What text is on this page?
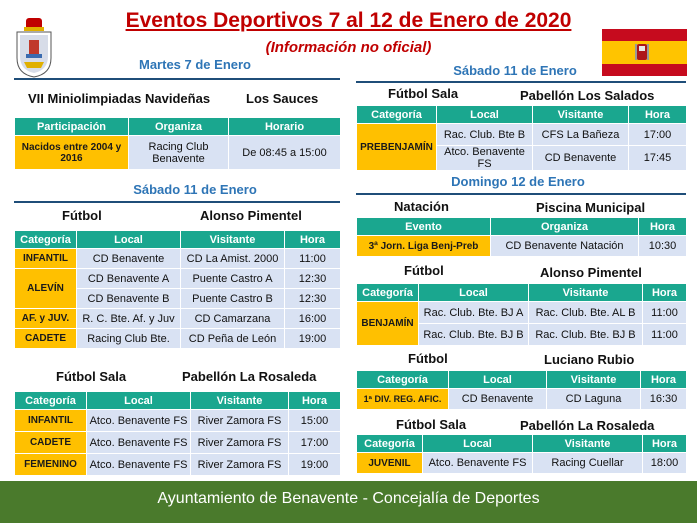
Eventos Deportivos 7 al 12 de Enero de 2020
(Información no oficial)
Martes 7 de Enero
VII Miniolimpiadas Navideñas	Los Sauces
Participación	Organiza	Horario
Nacidos entre 2004 y 2016	Racing Club Benavente	De 08:45 a 15:00
Sábado 11 de Enero
Fútbol	Alonso Pimentel
Categoría	Local	Visitante	Hora
INFANTIL	CD Benavente	CD La Amist. 2000	11:00
ALEVÍN	CD Benavente A	Puente Castro A	12:30
	CD Benavente B	Puente Castro B	12:30
AF. y JUV.	R. C. Bte. Af. y Juv	CD Camarzana	16:00
CADETE	Racing Club Bte.	CD Peña de León	19:00
Fútbol Sala	Pabellón La Rosaleda
Categoría	Local	Visitante	Hora
INFANTIL	Atco. Benavente FS	River Zamora FS	15:00
CADETE	Atco. Benavente FS	River Zamora FS	17:00
FEMENINO	Atco. Benavente FS	River Zamora FS	19:00
Sábado 11 de Enero
Fútbol Sala	Pabellón Los Salados
Categoría	Local	Visitante	Hora
PREBENJAMÍN	Rac. Club. Bte B	CFS La Bañeza	17:00
	Atco. Benavente FS	CD Benavente	17:45
Domingo 12 de Enero
Natación	Piscina Municipal
Evento	Organiza	Hora
3ª Jorn. Liga Benj-Preb	CD Benavente Natación	10:30
Fútbol	Alonso Pimentel
Categoría	Local	Visitante	Hora
BENJAMÍN	Rac. Club. Bte. BJ A	Rac. Club. Bte. AL B	11:00
	Rac. Club. Bte. BJ B	Rac. Club. Bte. BJ B	11:00
Fútbol	Luciano Rubio
Categoría	Local	Visitante	Hora
1ª DIV. REG. AFIC.	CD Benavente	CD Laguna	16:30
Fútbol Sala	Pabellón La Rosaleda
Categoría	Local	Visitante	Hora
JUVENIL	Atco. Benavente FS	Racing Cuellar	18:00
Ayuntamiento de Benavente - Concejalía de Deportes
